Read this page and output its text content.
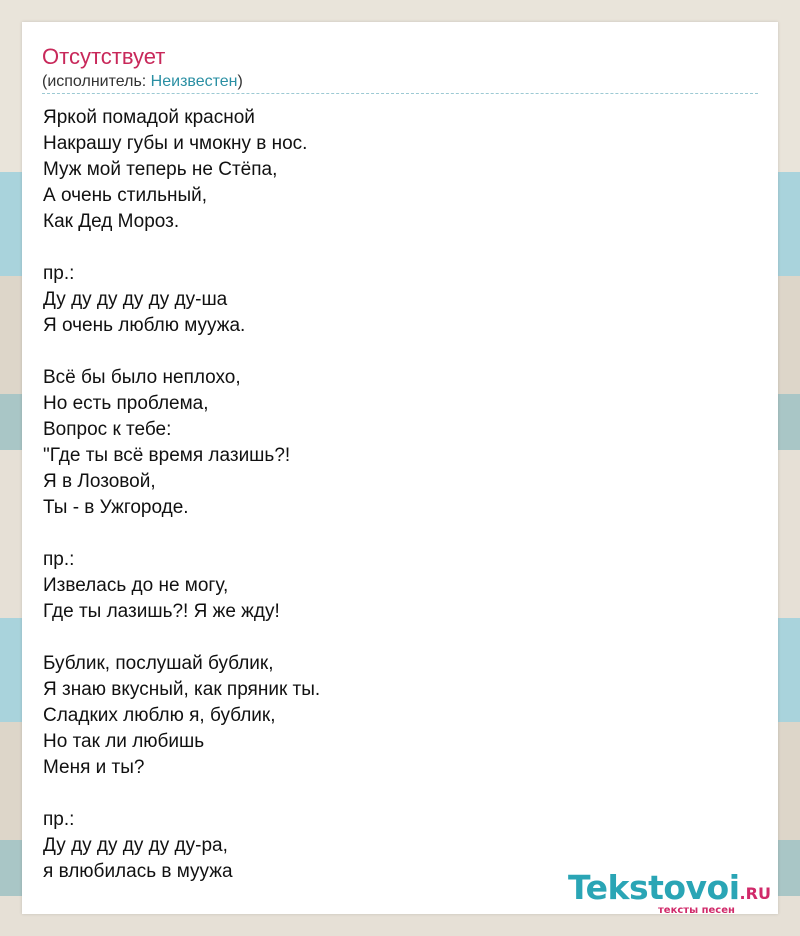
Отсутствует
(исполнитель: Неизвестен)
Яркой помадой красной
Накрашу губы и чмокну в нос.
Муж мой теперь не Стёпа,
А очень стильный,
Как Дед Мороз.

пр.:
Ду ду ду ду ду ду-ша
Я очень люблю муужа.

Всё бы было неплохо,
Но есть проблема,
Вопрос к тебе:
"Где ты всё время лазишь?!
Я в Лозовой,
Ты - в Ужгороде.

пр.:
Извелась до не могу,
Где ты лазишь?! Я же жду!

Бублик, послушай бублик,
Я знаю вкусный, как пряник ты.
Сладких люблю я, бублик,
Но так ли любишь
Меня и ты?

пр.:
Ду ду ду ду ду ду-ра,
я влюбилась в муужа	Tekstovoi.RU
тексты песен
